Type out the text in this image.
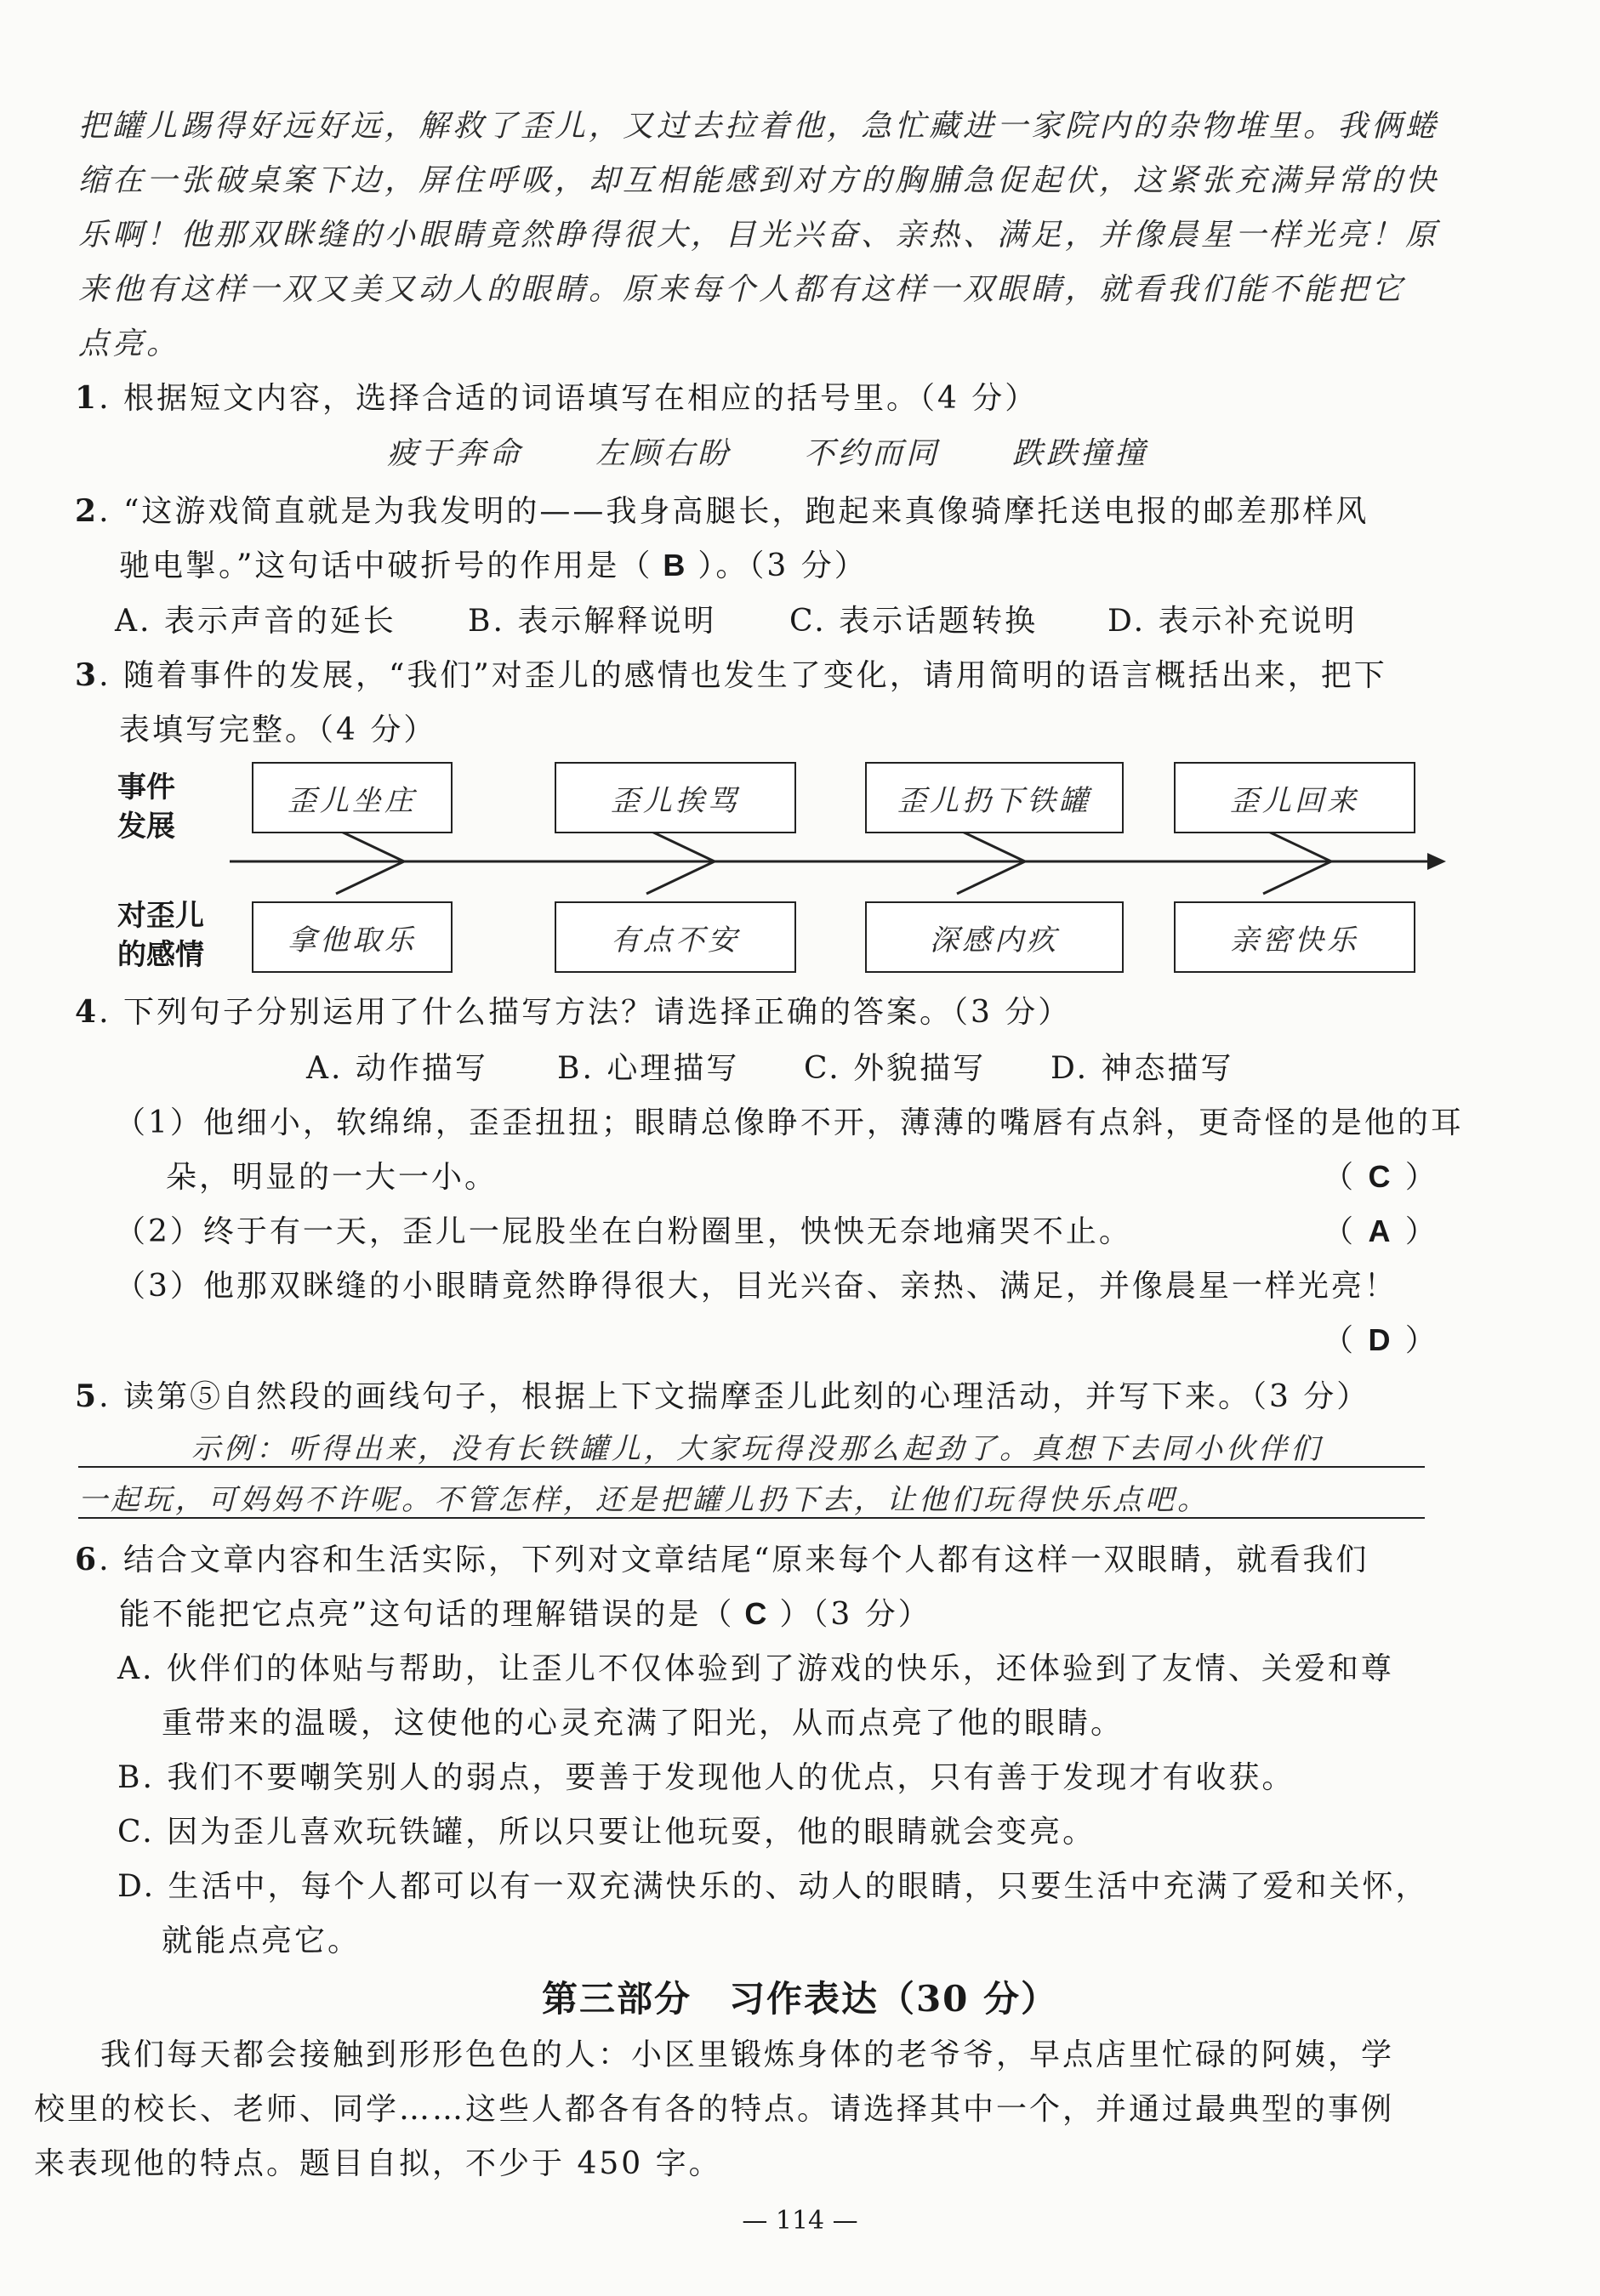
把罐儿踢得好远好远，解救了歪儿，又过去拉着他，急忙藏进一家院内的杂物堆里。我俩蜷
缩在一张破桌案下边，屏住呼吸，却互相能感到对方的胸脯急促起伏，这紧张充满异常的快
乐啊！他那双眯缝的小眼睛竟然睁得很大，目光兴奋、亲热、满足，并像晨星一样光亮！原
来他有这样一双又美又动人的眼睛。原来每个人都有这样一双眼睛，就看我们能不能把它
点亮。
1. 根据短文内容，选择合适的词语填写在相应的括号里。（4 分）
疲于奔命 左顾右盼 不约而同 跌跌撞撞
2. “这游戏简直就是为我发明的——我身高腿长，跑起来真像骑摩托送电报的邮差那样风
驰电掣。”这句话中破折号的作用是（ B ）。（3 分）
A. 表示声音的延长 B. 表示解释说明 C. 表示话题转换 D. 表示补充说明
3. 随着事件的发展，“我们”对歪儿的感情也发生了变化，请用简明的语言概括出来，把下
表填写完整。（4 分）
事件
发展
对歪儿
的感情
歪儿坐庄	歪儿挨骂	歪儿扔下铁罐	歪儿回来
拿他取乐	有点不安	深感内疚	亲密快乐
4. 下列句子分别运用了什么描写方法？请选择正确的答案。（3 分）
A. 动作描写 B. 心理描写 C. 外貌描写 D. 神态描写
（1）他细小，软绵绵，歪歪扭扭；眼睛总像睁不开，薄薄的嘴唇有点斜，更奇怪的是他的耳
朵，明显的一大一小。	（ C ）
（2）终于有一天，歪儿一屁股坐在白粉圈里，怏怏无奈地痛哭不止。	（ A ）
（3）他那双眯缝的小眼睛竟然睁得很大，目光兴奋、亲热、满足，并像晨星一样光亮！
（ D ）
5. 读第⑤自然段的画线句子，根据上下文揣摩歪儿此刻的心理活动，并写下来。（3 分）
示例：听得出来，没有长铁罐儿，大家玩得没那么起劲了。真想下去同小伙伴们
一起玩，可妈妈不许呢。不管怎样，还是把罐儿扔下去，让他们玩得快乐点吧。
6. 结合文章内容和生活实际，下列对文章结尾“原来每个人都有这样一双眼睛，就看我们
能不能把它点亮”这句话的理解错误的是（ C ）（3 分）
A. 伙伴们的体贴与帮助，让歪儿不仅体验到了游戏的快乐，还体验到了友情、关爱和尊
重带来的温暖，这使他的心灵充满了阳光，从而点亮了他的眼睛。
B. 我们不要嘲笑别人的弱点，要善于发现他人的优点，只有善于发现才有收获。
C. 因为歪儿喜欢玩铁罐，所以只要让他玩耍，他的眼睛就会变亮。
D. 生活中，每个人都可以有一双充满快乐的、动人的眼睛，只要生活中充满了爱和关怀，
就能点亮它。
第三部分　习作表达（30 分）
我们每天都会接触到形形色色的人：小区里锻炼身体的老爷爷，早点店里忙碌的阿姨，学
校里的校长、老师、同学……这些人都各有各的特点。请选择其中一个，并通过最典型的事例
来表现他的特点。题目自拟，不少于 450 字。
— 114 —
